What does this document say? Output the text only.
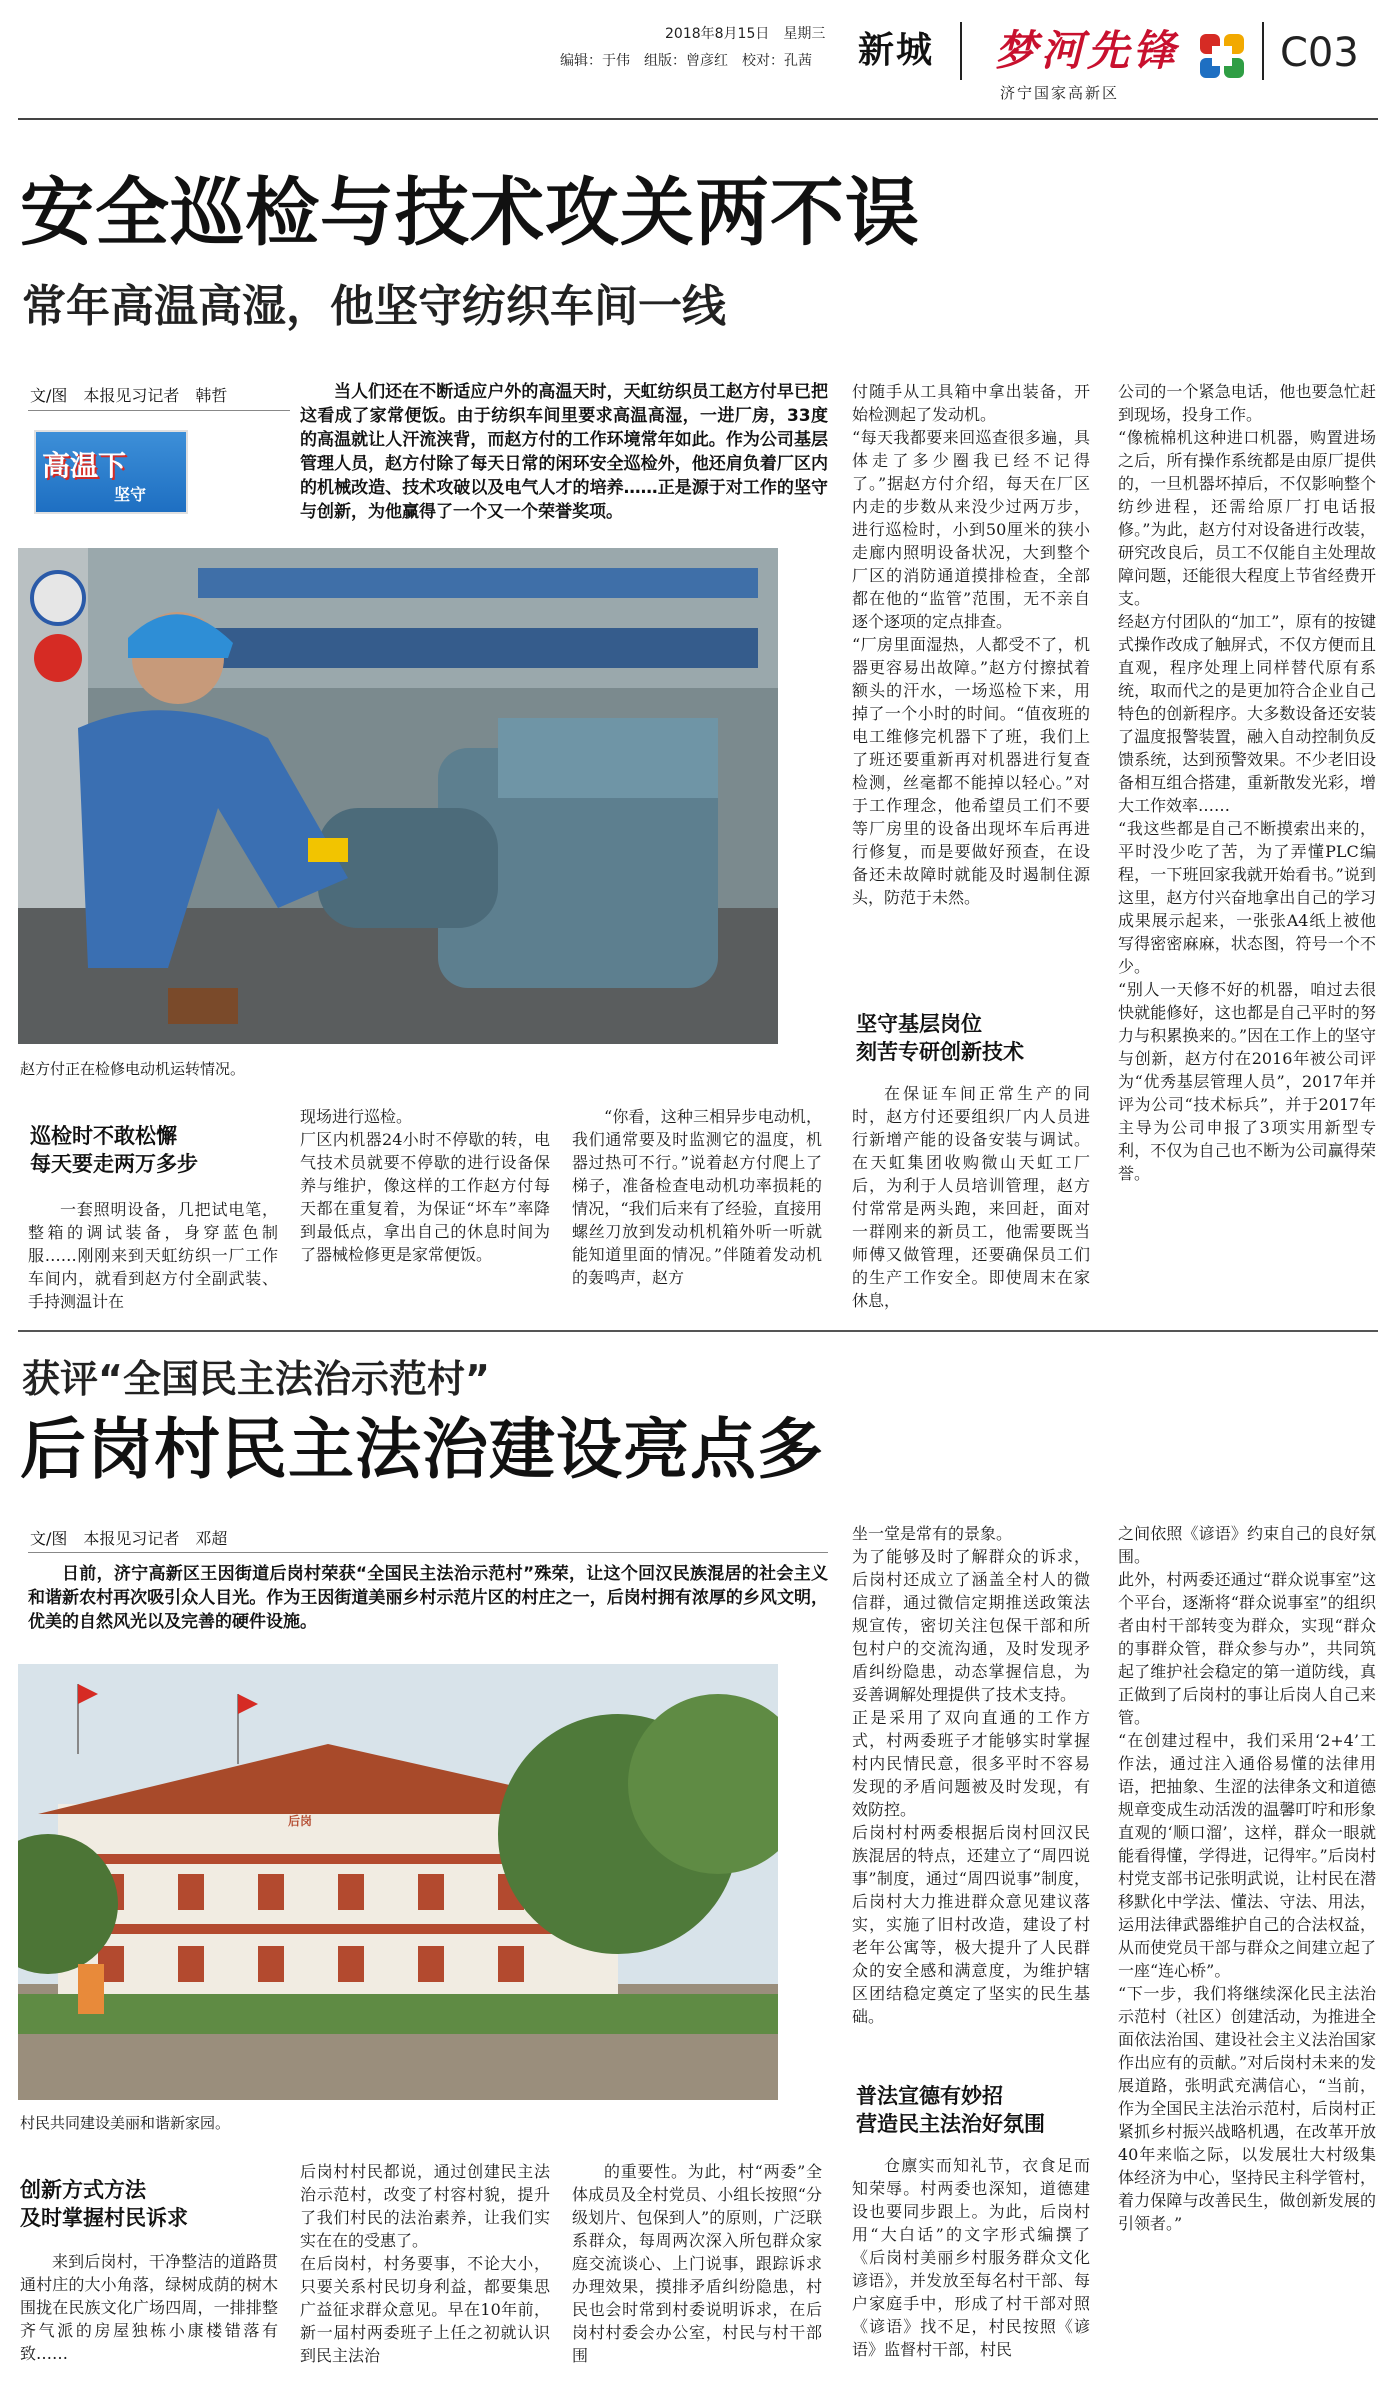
2018年8月15日　星期三
编辑：于伟　组版：曾彦红　校对：孔茜 新城 梦河先锋
济宁国家高新区
C03
安全巡检与技术攻关两不误
常年高温高湿，他坚守纺织车间一线
文/图　本报见习记者　韩哲
高温下
坚守

当人们还在不断适应户外的高温天时，天虹纺织员工赵方付早已把这看成了家常便饭。由于纺织车间里要求高温高湿，一进厂房，33度的高温就让人汗流浃背，而赵方付的工作环境常年如此。作为公司基层管理人员，赵方付除了每天日常的闲环安全巡检外，他还肩负着厂区内的机械改造、技术攻破以及电气人才的培养……正是源于对工作的坚守与创新，为他赢得了一个又一个荣誉奖项。

赵方付正在检修电动机运转情况。
巡检时不敢松懈
每天要走两万多步

一套照明设备，几把试电笔，整箱的调试装备，身穿蓝色制服……刚刚来到天虹纺织一厂工作车间内，就看到赵方付全副武装、手持测温计在

现场进行巡检。
厂区内机器24小时不停歇的转，电气技术员就要不停歇的进行设备保养与维护，像这样的工作赵方付每天都在重复着，为保证“坏车”率降到最低点，拿出自己的休息时间为了器械检修更是家常便饭。

“你看，这种三相异步电动机，我们通常要及时监测它的温度，机器过热可不行。”说着赵方付爬上了梯子，准备检查电动机功率损耗的情况，“我们后来有了经验，直接用螺丝刀放到发动机机箱外听一听就能知道里面的情况。”伴随着发动机的轰鸣声，赵方

付随手从工具箱中拿出装备，开始检测起了发动机。
“每天我都要来回巡查很多遍，具体走了多少圈我已经不记得了。”据赵方付介绍，每天在厂区内走的步数从来没少过两万步，进行巡检时，小到50厘米的狭小走廊内照明设备状况，大到整个厂区的消防通道摸排检查，全部都在他的“监管”范围，无不亲自逐个逐项的定点排查。
“厂房里面湿热，人都受不了，机器更容易出故障。”赵方付擦拭着额头的汗水，一场巡检下来，用掉了一个小时的时间。“值夜班的电工维修完机器下了班，我们上了班还要重新再对机器进行复查检测，丝毫都不能掉以轻心。”对于工作理念，他希望员工们不要等厂房里的设备出现坏车后再进行修复，而是要做好预查，在设备还未故障时就能及时遏制住源头，防范于未然。
坚守基层岗位
刻苦专研创新技术

在保证车间正常生产的同时，赵方付还要组织厂内人员进行新增产能的设备安装与调试。在天虹集团收购微山天虹工厂后，为利于人员培训管理，赵方付常常是两头跑，来回赶，面对一群刚来的新员工，他需要既当师傅又做管理，还要确保员工们的生产工作安全。即使周末在家休息，

公司的一个紧急电话，他也要急忙赶到现场，投身工作。
“像梳棉机这种进口机器，购置进场之后，所有操作系统都是由原厂提供的，一旦机器坏掉后，不仅影响整个纺纱进程，还需给原厂打电话报修。”为此，赵方付对设备进行改装，研究改良后，员工不仅能自主处理故障问题，还能很大程度上节省经费开支。
经赵方付团队的“加工”，原有的按键式操作改成了触屏式，不仅方便而且直观，程序处理上同样替代原有系统，取而代之的是更加符合企业自己特色的创新程序。大多数设备还安装了温度报警装置，融入自动控制负反馈系统，达到预警效果。不少老旧设备相互组合搭建，重新散发光彩，增大工作效率……
“我这些都是自己不断摸索出来的，平时没少吃了苦，为了弄懂PLC编程，一下班回家我就开始看书。”说到这里，赵方付兴奋地拿出自己的学习成果展示起来，一张张A4纸上被他写得密密麻麻，状态图，符号一个不少。
“别人一天修不好的机器，咱过去很快就能修好，这也都是自己平时的努力与积累换来的。”因在工作上的坚守与创新，赵方付在2016年被公司评为“优秀基层管理人员”，2017年并评为公司“技术标兵”，并于2017年主导为公司申报了3项实用新型专利，不仅为自己也不断为公司赢得荣誉。
获评“全国民主法治示范村”
后岗村民主法治建设亮点多
文/图　本报见习记者　邓超

日前，济宁高新区王因街道后岗村荣获“全国民主法治示范村”殊荣，让这个回汉民族混居的社会主义和谐新农村再次吸引众人目光。作为王因街道美丽乡村示范片区的村庄之一，后岗村拥有浓厚的乡风文明，优美的自然风光以及完善的硬件设施。

后岗
村民共同建设美丽和谐新家园。
创新方式方法
及时掌握村民诉求

来到后岗村，干净整洁的道路贯通村庄的大小角落，绿树成荫的树木围拢在民族文化广场四周，一排排整齐气派的房屋独栋小康楼错落有致……

后岗村村民都说，通过创建民主法治示范村，改变了村容村貌，提升了我们村民的法治素养，让我们实实在在的受惠了。
在后岗村，村务要事，不论大小，只要关系村民切身利益，都要集思广益征求群众意见。早在10年前，新一届村两委班子上任之初就认识到民主法治

的重要性。为此，村“两委”全体成员及全村党员、小组长按照“分级划片、包保到人”的原则，广泛联系群众，每周两次深入所包群众家庭交流谈心、上门说事，跟踪诉求办理效果，摸排矛盾纠纷隐患，村民也会时常到村委说明诉求，在后岗村村委会办公室，村民与村干部围

坐一堂是常有的景象。
为了能够及时了解群众的诉求，后岗村还成立了涵盖全村人的微信群，通过微信定期推送政策法规宣传，密切关注包保干部和所包村户的交流沟通，及时发现矛盾纠纷隐患，动态掌握信息，为妥善调解处理提供了技术支持。
正是采用了双向直通的工作方式，村两委班子才能够实时掌握村内民情民意，很多平时不容易发现的矛盾问题被及时发现，有效防控。
后岗村村两委根据后岗村回汉民族混居的特点，还建立了“周四说事”制度，通过“周四说事”制度，后岗村大力推进群众意见建议落实，实施了旧村改造，建设了村老年公寓等，极大提升了人民群众的安全感和满意度，为维护辖区团结稳定奠定了坚实的民生基础。
普法宣德有妙招
营造民主法治好氛围

仓廪实而知礼节，衣食足而知荣辱。村两委也深知，道德建设也要同步跟上。为此，后岗村用“大白话”的文字形式编撰了《后岗村美丽乡村服务群众文化谚语》，并发放至每名村干部、每户家庭手中，形成了村干部对照《谚语》找不足，村民按照《谚语》监督村干部，村民

之间依照《谚语》约束自己的良好氛围。
此外，村两委还通过“群众说事室”这个平台，逐渐将“群众说事室”的组织者由村干部转变为群众，实现“群众的事群众管，群众参与办”，共同筑起了维护社会稳定的第一道防线，真正做到了后岗村的事让后岗人自己来管。
“在创建过程中，我们采用‘2+4’工作法，通过注入通俗易懂的法律用语，把抽象、生涩的法律条文和道德规章变成生动活泼的温馨叮咛和形象直观的‘顺口溜’，这样，群众一眼就能看得懂，学得进，记得牢。”后岗村村党支部书记张明武说，让村民在潜移默化中学法、懂法、守法、用法，运用法律武器维护自己的合法权益，从而使党员干部与群众之间建立起了一座“连心桥”。
“下一步，我们将继续深化民主法治示范村（社区）创建活动，为推进全面依法治国、建设社会主义法治国家作出应有的贡献。”对后岗村未来的发展道路，张明武充满信心，“当前，作为全国民主法治示范村，后岗村正紧抓乡村振兴战略机遇，在改革开放40年来临之际，以发展壮大村级集体经济为中心，坚持民主科学管村，着力保障与改善民生，做创新发展的引领者。”
